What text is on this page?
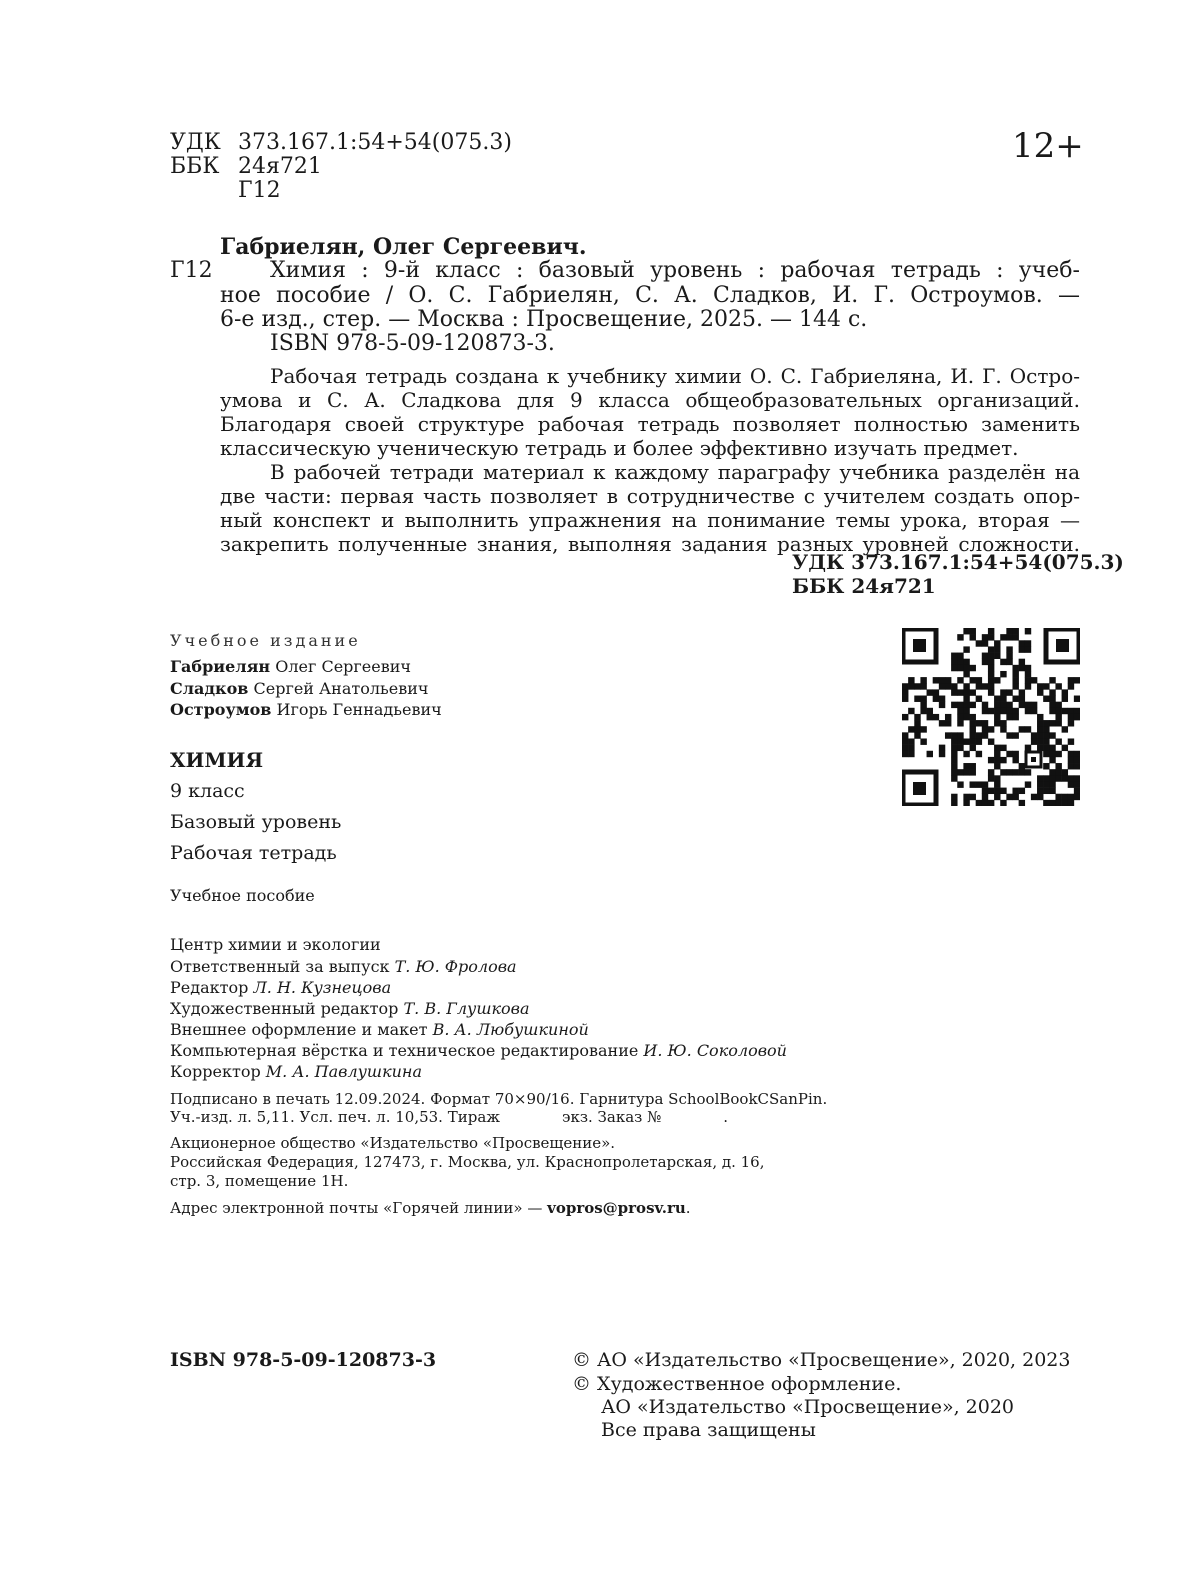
УДК 373.167.1:54+54(075.3)
ББК 24я721
Г12
12+
Габриелян, Олег Сергеевич.
Г12	Химия : 9-й класс : базовый уровень : рабочая тетрадь : учеб-
ное пособие / О. С. Габриелян, С. А. Сладков, И. Г. Остроумов. —
6-е изд., стер. — Москва : Просвещение, 2025. — 144 с.
ISBN 978-5-09-120873-3.
Рабочая тетрадь создана к учебнику химии О. С. Габриеляна, И. Г. Остро-
умова и С. А. Сладкова для 9 класса общеобразовательных организаций.
Благодаря своей структуре рабочая тетрадь позволяет полностью заменить
классическую ученическую тетрадь и более эффективно изучать предмет.
В рабочей тетради материал к каждому параграфу учебника разделён на
две части: первая часть позволяет в сотрудничестве с учителем создать опор-
ный конспект и выполнить упражнения на понимание темы урока, вторая —
закрепить полученные знания, выполняя задания разных уровней сложности.
УДК 373.167.1:54+54(075.3)
ББК 24я721
Учебное издание
Габриелян Олег Сергеевич
Сладков Сергей Анатольевич
Остроумов Игорь Геннадьевич
ХИМИЯ
9 класс
Базовый уровень
Рабочая тетрадь
Учебное пособие
Центр химии и экологии
Ответственный за выпуск Т. Ю. Фролова
Редактор Л. Н. Кузнецова
Художественный редактор Т. В. Глушкова
Внешнее оформление и макет В. А. Любушкиной
Компьютерная вёрстка и техническое редактирование И. Ю. Соколовой
Корректор М. А. Павлушкина
Подписано в печать 12.09.2024. Формат 70×90/16. Гарнитура SchoolBookCSanPin.
Уч.-изд. л. 5,11. Усл. печ. л. 10,53. Тираж             экз. Заказ №             .
Акционерное общество «Издательство «Просвещение».
Российская Федерация, 127473, г. Москва, ул. Краснопролетарская, д. 16,
стр. 3, помещение 1Н.
Адрес электронной почты «Горячей линии» — vopros@prosv.ru.
ISBN 978-5-09-120873-3	© АО «Издательство «Просвещение», 2020, 2023
© Художественное оформление.
АО «Издательство «Просвещение», 2020
Все права защищены
